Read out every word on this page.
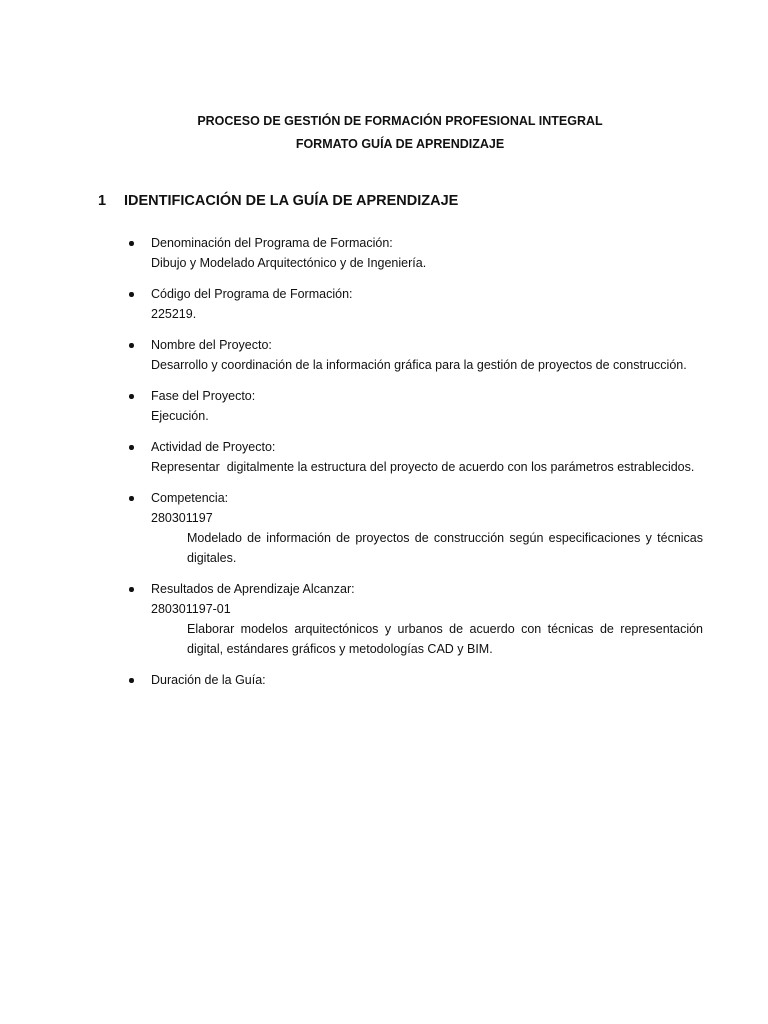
PROCESO DE GESTIÓN DE FORMACIÓN PROFESIONAL INTEGRAL
FORMATO GUÍA DE APRENDIZAJE
1 IDENTIFICACIÓN DE LA GUÍA DE APRENDIZAJE
Denominación del Programa de Formación:
Dibujo y Modelado Arquitectónico y de Ingeniería.
Código del Programa de Formación:
225219.
Nombre del Proyecto:
Desarrollo y coordinación de la información gráfica para la gestión de proyectos de construcción.
Fase del Proyecto:
Ejecución.
Actividad de Proyecto:
Representar  digitalmente la estructura del proyecto de acuerdo con los parámetros estrablecidos.
Competencia:
280301197
Modelado de información de proyectos de construcción según especificaciones y técnicas digitales.
Resultados de Aprendizaje Alcanzar:
280301197-01
Elaborar modelos arquitectónicos y urbanos de acuerdo con técnicas de representación digital, estándares gráficos y metodologías CAD y BIM.
Duración de la Guía:
